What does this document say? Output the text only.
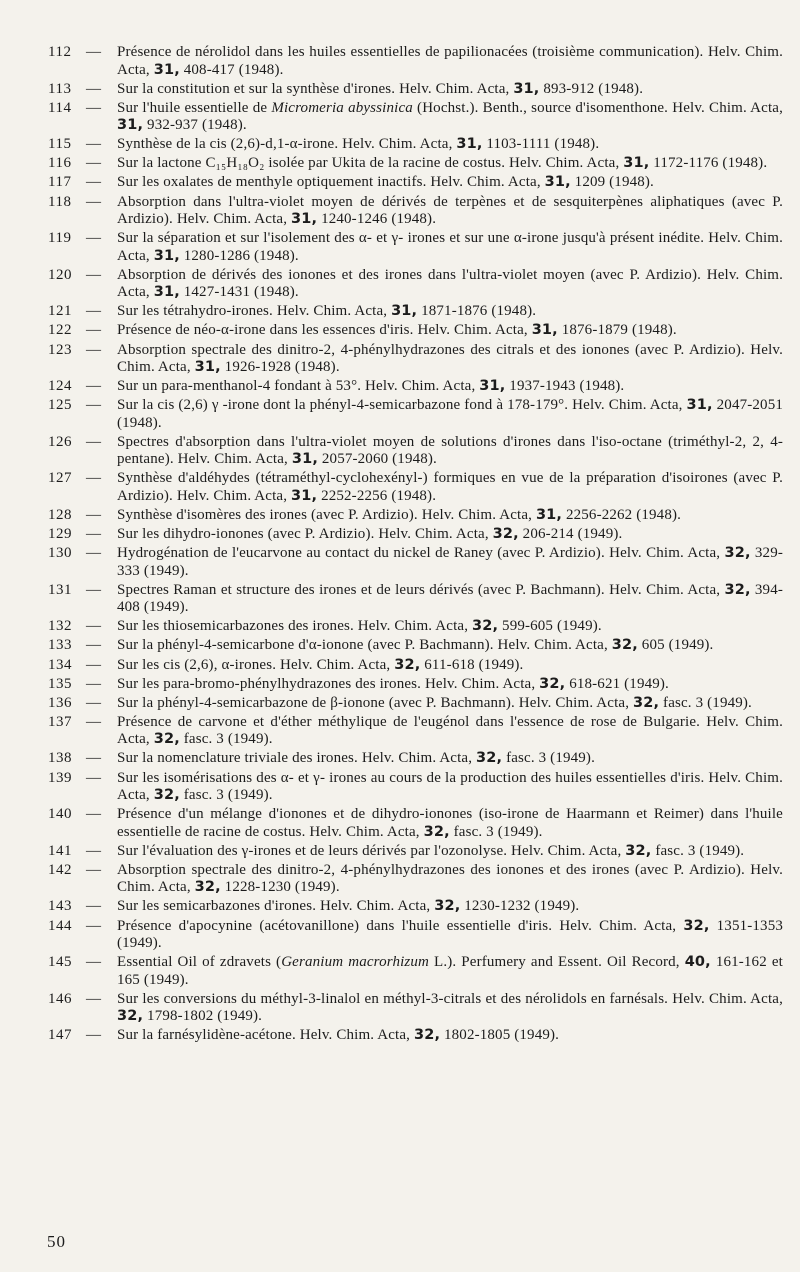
112 — Présence de nérolidol dans les huiles essentielles de papilionacées (troisième communication). Helv. Chim. Acta, 31, 408-417 (1948).
113 — Sur la constitution et sur la synthèse d'irones. Helv. Chim. Acta, 31, 893-912 (1948).
114 — Sur l'huile essentielle de Micromeria abyssinica (Hochst.). Benth., source d'isomenthone. Helv. Chim. Acta, 31, 932-937 (1948).
115 — Synthèse de la cis (2,6)-d,1-α-irone. Helv. Chim. Acta, 31, 1103-1111 (1948).
116 — Sur la lactone C₁₅H₁₈O₂ isolée par Ukita de la racine de costus. Helv. Chim. Acta, 31, 1172-1176 (1948).
117 — Sur les oxalates de menthyle optiquement inactifs. Helv. Chim. Acta, 31, 1209 (1948).
118 — Absorption dans l'ultra-violet moyen de dérivés de terpènes et de sesquiterpènes aliphatiques (avec P. Ardizio). Helv. Chim. Acta, 31, 1240-1246 (1948).
119 — Sur la séparation et sur l'isolement des α- et γ- irones et sur une α-irone jusqu'à présent inédite. Helv. Chim. Acta, 31, 1280-1286 (1948).
120 — Absorption de dérivés des ionones et des irones dans l'ultra-violet moyen (avec P. Ardizio). Helv. Chim. Acta, 31, 1427-1431 (1948).
121 — Sur les tétrahydro-irones. Helv. Chim. Acta, 31, 1871-1876 (1948).
122 — Présence de néo-α-irone dans les essences d'iris. Helv. Chim. Acta, 31, 1876-1879 (1948).
123 — Absorption spectrale des dinitro-2, 4-phénylhydrazones des citrals et des ionones (avec P. Ardizio). Helv. Chim. Acta, 31, 1926-1928 (1948).
124 — Sur un para-menthanol-4 fondant à 53°. Helv. Chim. Acta, 31, 1937-1943 (1948).
125 — Sur la cis (2,6) γ -irone dont la phényl-4-semicarbazone fond à 178-179°. Helv. Chim. Acta, 31, 2047-2051 (1948).
126 — Spectres d'absorption dans l'ultra-violet moyen de solutions d'irones dans l'iso-octane (triméthyl-2, 2, 4-pentane). Helv. Chim. Acta, 31, 2057-2060 (1948).
127 — Synthèse d'aldéhydes (tétraméthyl-cyclohexényl-) formiques en vue de la préparation d'isoirones (avec P. Ardizio). Helv. Chim. Acta, 31, 2252-2256 (1948).
128 — Synthèse d'isomères des irones (avec P. Ardizio). Helv. Chim. Acta, 31, 2256-2262 (1948).
129 — Sur les dihydro-ionones (avec P. Ardizio). Helv. Chim. Acta, 32, 206-214 (1949).
130 — Hydrogénation de l'eucarvone au contact du nickel de Raney (avec P. Ardizio). Helv. Chim. Acta, 32, 329-333 (1949).
131 — Spectres Raman et structure des irones et de leurs dérivés (avec P. Bachmann). Helv. Chim. Acta, 32, 394-408 (1949).
132 — Sur les thiosemicarbazones des irones. Helv. Chim. Acta, 32, 599-605 (1949).
133 — Sur la phényl-4-semicarbone d'α-ionone (avec P. Bachmann). Helv. Chim. Acta, 32, 605 (1949).
134 — Sur les cis (2,6), α-irones. Helv. Chim. Acta, 32, 611-618 (1949).
135 — Sur les para-bromo-phénylhydrazones des irones. Helv. Chim. Acta, 32, 618-621 (1949).
136 — Sur la phényl-4-semicarbazone de β-ionone (avec P. Bachmann). Helv. Chim. Acta, 32, fasc. 3 (1949).
137 — Présence de carvone et d'éther méthylique de l'eugénol dans l'essence de rose de Bulgarie. Helv. Chim. Acta, 32, fasc. 3 (1949).
138 — Sur la nomenclature triviale des irones. Helv. Chim. Acta, 32, fasc. 3 (1949).
139 — Sur les isomérisations des α- et γ- irones au cours de la production des huiles essentielles d'iris. Helv. Chim. Acta, 32, fasc. 3 (1949).
140 — Présence d'un mélange d'ionones et de dihydro-ionones (iso-irone de Haarmann et Reimer) dans l'huile essentielle de racine de costus. Helv. Chim. Acta, 32, fasc. 3 (1949).
141 — Sur l'évaluation des γ-irones et de leurs dérivés par l'ozonolyse. Helv. Chim. Acta, 32, fasc. 3 (1949).
142 — Absorption spectrale des dinitro-2, 4-phénylhydrazones des ionones et des irones (avec P. Ardizio). Helv. Chim. Acta, 32, 1228-1230 (1949).
143 — Sur les semicarbazones d'irones. Helv. Chim. Acta, 32, 1230-1232 (1949).
144 — Présence d'apocynine (acétovanillone) dans l'huile essentielle d'iris. Helv. Chim. Acta, 32, 1351-1353 (1949).
145 — Essential Oil of zdravets (Geranium macrorhizum L.). Perfumery and Essent. Oil Record, 40, 161-162 et 165 (1949).
146 — Sur les conversions du méthyl-3-linalol en méthyl-3-citrals et des nérolidols en farnésals. Helv. Chim. Acta, 32, 1798-1802 (1949).
147 — Sur la farnésylidène-acétone. Helv. Chim. Acta, 32, 1802-1805 (1949).
50
